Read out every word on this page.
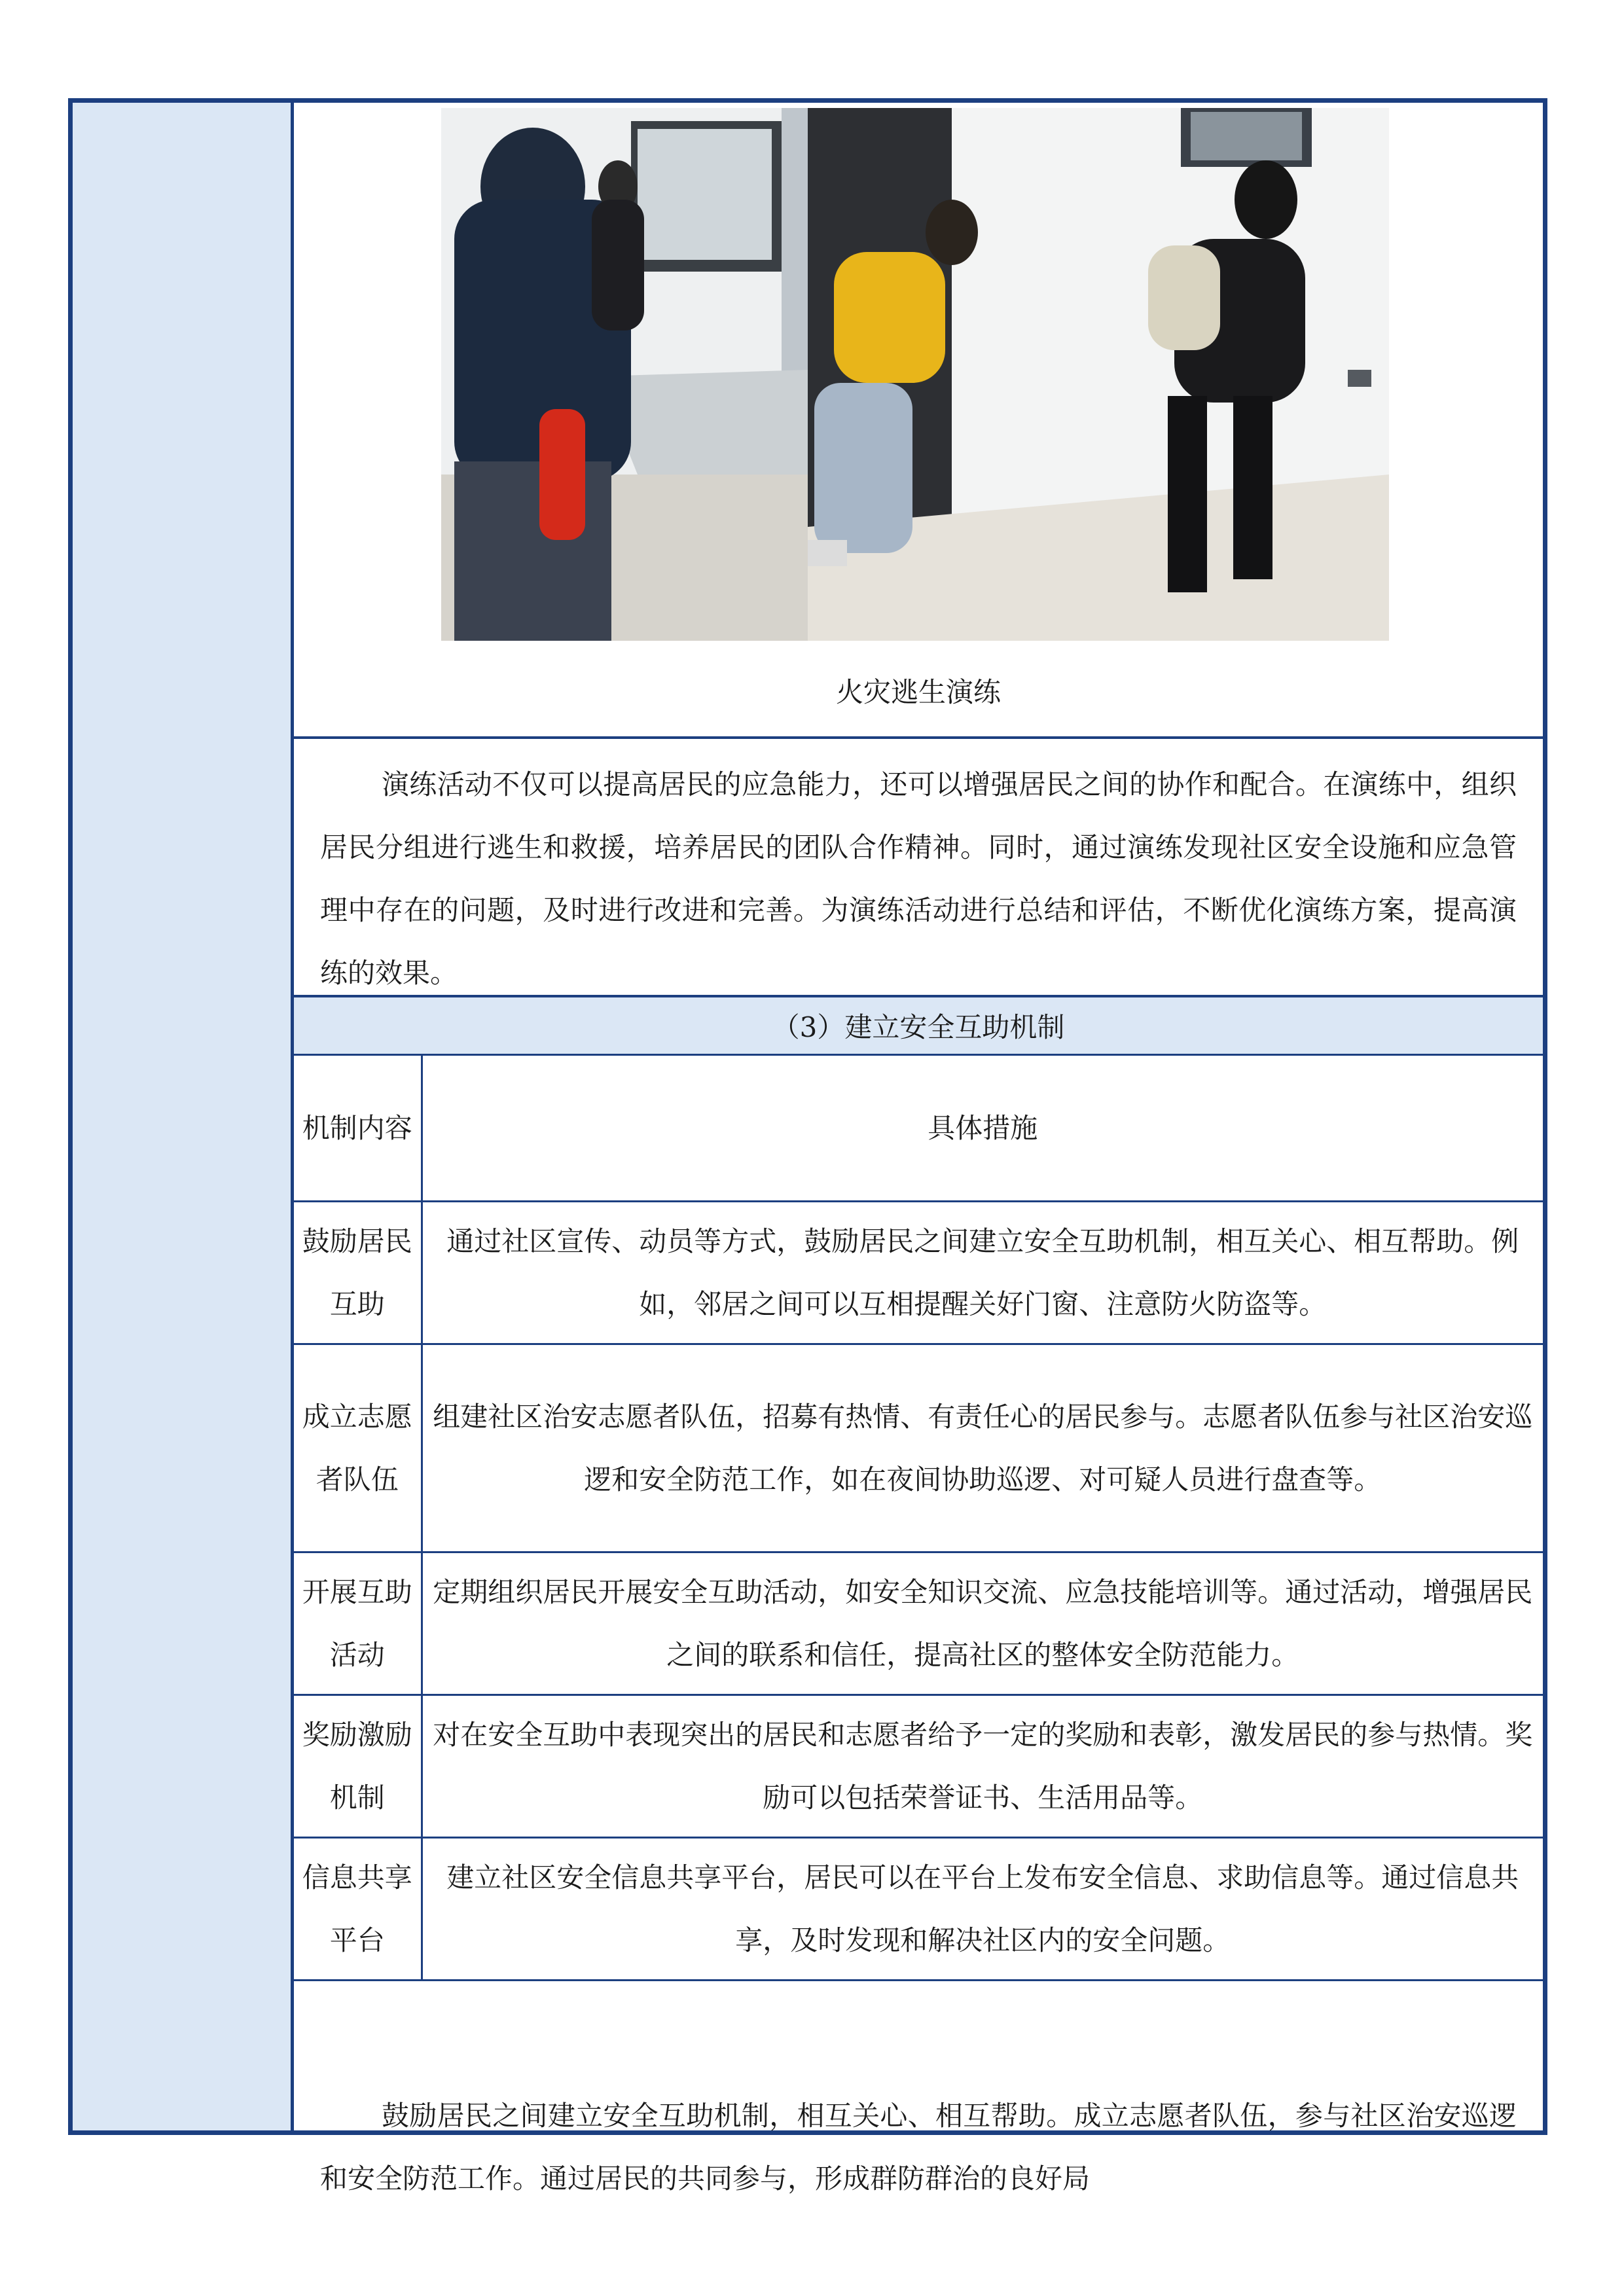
火灾逃生演练
演练活动不仅可以提高居民的应急能力，还可以增强居民之间的协作和配合。在演练中，组织居民分组进行逃生和救援，培养居民的团队合作精神。同时，通过演练发现社区安全设施和应急管理中存在的问题，及时进行改进和完善。为演练活动进行总结和评估，不断优化演练方案，提高演练的效果。
（3）建立安全互助机制
机制内容	具体措施
鼓励居民互助	通过社区宣传、动员等方式，鼓励居民之间建立安全互助机制，相互关心、相互帮助。例如，邻居之间可以互相提醒关好门窗、注意防火防盗等。
成立志愿者队伍	组建社区治安志愿者队伍，招募有热情、有责任心的居民参与。志愿者队伍参与社区治安巡逻和安全防范工作，如在夜间协助巡逻、对可疑人员进行盘查等。
开展互助活动	定期组织居民开展安全互助活动，如安全知识交流、应急技能培训等。通过活动，增强居民之间的联系和信任，提高社区的整体安全防范能力。
奖励激励机制	对在安全互助中表现突出的居民和志愿者给予一定的奖励和表彰，激发居民的参与热情。奖励可以包括荣誉证书、生活用品等。
信息共享平台	建立社区安全信息共享平台，居民可以在平台上发布安全信息、求助信息等。通过信息共享，及时发现和解决社区内的安全问题。
鼓励居民之间建立安全互助机制，相互关心、相互帮助。成立志愿者队伍，参与社区治安巡逻和安全防范工作。通过居民的共同参与，形成群防群治的良好局
